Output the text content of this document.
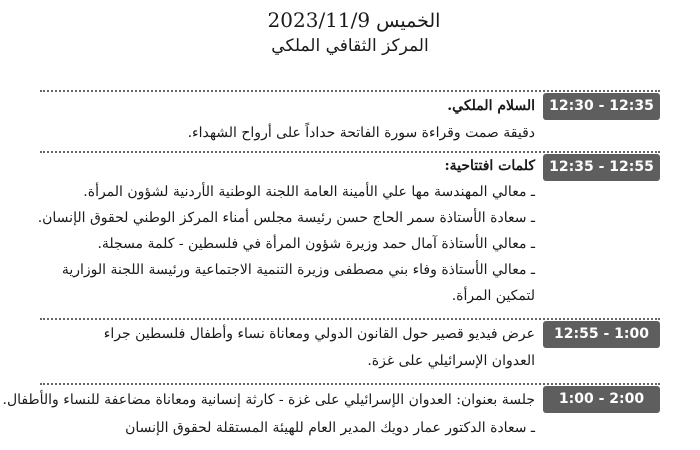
الخميس 2023/11/9
المركز الثقافي الملكي
12:30 - 12:35
السلام الملكي.
دقيقة صمت وقراءة سورة الفاتحة حداداً على أرواح الشهداء.
12:35 - 12:55
كلمات افتتاحية:
ـ معالي المهندسة مها علي الأمينة العامة اللجنة الوطنية الأردنية لشؤون المرأة.
ـ سعادة الأستاذة سمر الحاج حسن رئيسة مجلس أمناء المركز الوطني لحقوق الإنسان.
ـ معالي الأستاذة آمال حمد وزيرة شؤون المرأة في فلسطين - كلمة مسجلة.
ـ معالي الأستاذة وفاء بني مصطفى وزيرة التنمية الاجتماعية ورئيسة اللجنة الوزارية
لتمكين المرأة.
12:55 - 1:00
عرض فيديو قصير حول القانون الدولي ومعاناة نساء وأطفال فلسطين جراء
العدوان الإسرائيلي على غزة.
1:00 - 2:00
جلسة بعنوان: العدوان الإسرائيلي على غزة - كارثة إنسانية ومعاناة مضاعفة للنساء والأطفال.
ـ سعادة الدكتور عمار دويك المدير العام للهيئة المستقلة لحقوق الإنسان
